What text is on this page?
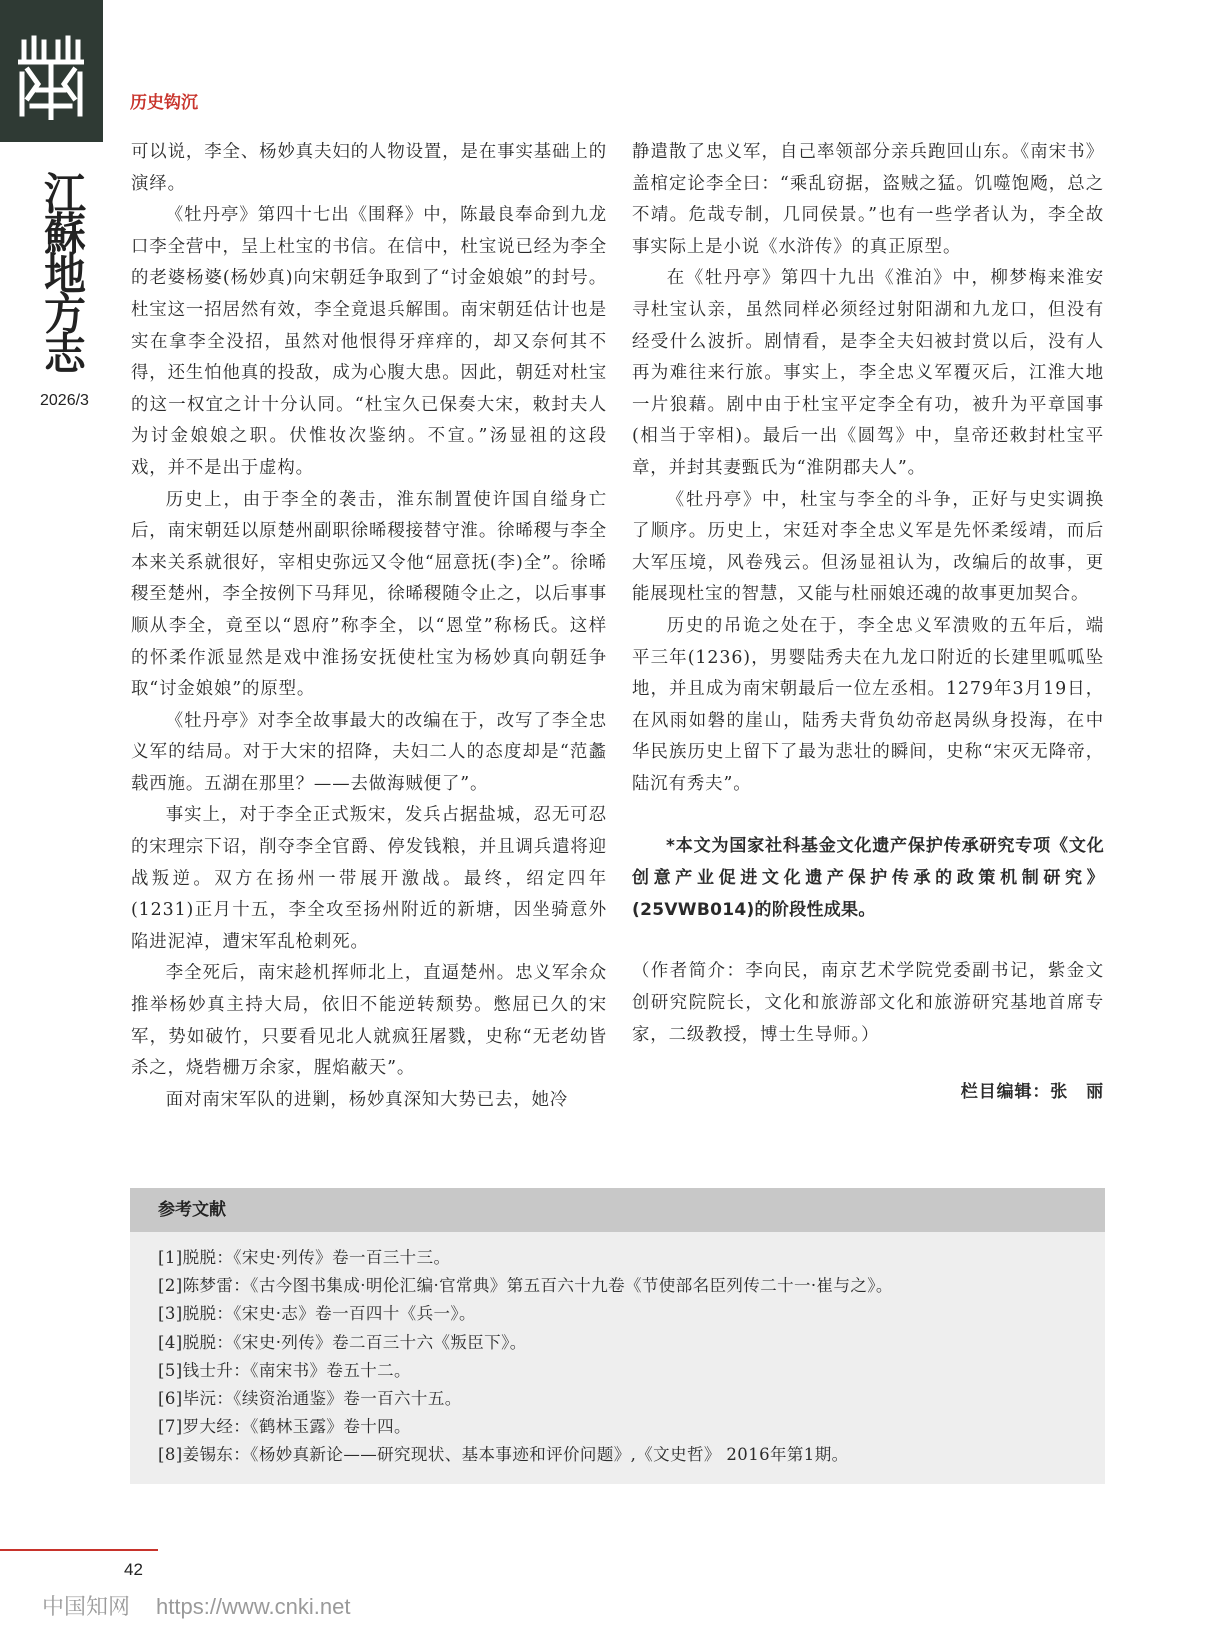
历史钩沉
江
蘇
地
方
志
2026/3

可以说，李全、杨妙真夫妇的人物设置，是在事实基础上的演绎。

《牡丹亭》第四十七出《围释》中，陈最良奉命到九龙口李全营中，呈上杜宝的书信。在信中，杜宝说已经为李全的老婆杨婆(杨妙真)向宋朝廷争取到了“讨金娘娘”的封号。杜宝这一招居然有效，李全竟退兵解围。南宋朝廷估计也是实在拿李全没招，虽然对他恨得牙痒痒的，却又奈何其不得，还生怕他真的投敌，成为心腹大患。因此，朝廷对杜宝的这一权宜之计十分认同。“杜宝久已保奏大宋，敕封夫人为讨金娘娘之职。伏惟妆次鉴纳。不宣。”汤显祖的这段戏，并不是出于虚构。

历史上，由于李全的袭击，淮东制置使许国自缢身亡后，南宋朝廷以原楚州副职徐晞稷接替守淮。徐晞稷与李全本来关系就很好，宰相史弥远又令他“屈意抚(李)全”。徐晞稷至楚州，李全按例下马拜见，徐晞稷随令止之，以后事事顺从李全，竟至以“恩府”称李全，以“恩堂”称杨氏。这样的怀柔作派显然是戏中淮扬安抚使杜宝为杨妙真向朝廷争取“讨金娘娘”的原型。

《牡丹亭》对李全故事最大的改编在于，改写了李全忠义军的结局。对于大宋的招降，夫妇二人的态度却是“范蠡载西施。五湖在那里？——去做海贼便了”。

事实上，对于李全正式叛宋，发兵占据盐城，忍无可忍的宋理宗下诏，削夺李全官爵、停发钱粮，并且调兵遣将迎战叛逆。双方在扬州一带展开激战。最终，绍定四年(1231)正月十五，李全攻至扬州附近的新塘，因坐骑意外陷进泥淖，遭宋军乱枪刺死。

李全死后，南宋趁机挥师北上，直逼楚州。忠义军余众推举杨妙真主持大局，依旧不能逆转颓势。憋屈已久的宋军，势如破竹，只要看见北人就疯狂屠戮，史称“无老幼皆杀之，烧砦栅万余家，腥焰蔽天”。

面对南宋军队的进剿，杨妙真深知大势已去，她冷

静遣散了忠义军，自己率领部分亲兵跑回山东。《南宋书》盖棺定论李全曰：“乘乱窃据，盗贼之猛。饥噬饱飏，总之不靖。危哉专制，几同侯景。”也有一些学者认为，李全故事实际上是小说《水浒传》的真正原型。

在《牡丹亭》第四十九出《淮泊》中，柳梦梅来淮安寻杜宝认亲，虽然同样必须经过射阳湖和九龙口，但没有经受什么波折。剧情看，是李全夫妇被封赏以后，没有人再为难往来行旅。事实上，李全忠义军覆灭后，江淮大地一片狼藉。剧中由于杜宝平定李全有功，被升为平章国事(相当于宰相)。最后一出《圆驾》中，皇帝还敕封杜宝平章，并封其妻甄氏为“淮阴郡夫人”。

《牡丹亭》中，杜宝与李全的斗争，正好与史实调换了顺序。历史上，宋廷对李全忠义军是先怀柔绥靖，而后大军压境，风卷残云。但汤显祖认为，改编后的故事，更能展现杜宝的智慧，又能与杜丽娘还魂的故事更加契合。

历史的吊诡之处在于，李全忠义军溃败的五年后，端平三年(1236)，男婴陆秀夫在九龙口附近的长建里呱呱坠地，并且成为南宋朝最后一位左丞相。1279年3月19日，在风雨如磐的崖山，陆秀夫背负幼帝赵昺纵身投海，在中华民族历史上留下了最为悲壮的瞬间，史称“宋灭无降帝，陆沉有秀夫”。

*本文为国家社科基金文化遗产保护传承研究专项《文化创意产业促进文化遗产保护传承的政策机制研究》(25VWB014)的阶段性成果。

（作者简介：李向民，南京艺术学院党委副书记，紫金文创研究院院长，文化和旅游部文化和旅游研究基地首席专家，二级教授，博士生导师。）

栏目编辑：张　丽

参考文献
[1]脱脱：《宋史·列传》卷一百三十三。
[2]陈梦雷：《古今图书集成·明伦汇编·官常典》第五百六十九卷《节使部名臣列传二十一·崔与之》。
[3]脱脱：《宋史·志》卷一百四十《兵一》。
[4]脱脱：《宋史·列传》卷二百三十六《叛臣下》。
[5]钱士升：《南宋书》卷五十二。
[6]毕沅：《续资治通鉴》卷一百六十五。
[7]罗大经：《鹤林玉露》卷十四。
[8]姜锡东：《杨妙真新论——研究现状、基本事迹和评价问题》,《文史哲》 2016年第1期。
42
中国知网 https://www.cnki.net
